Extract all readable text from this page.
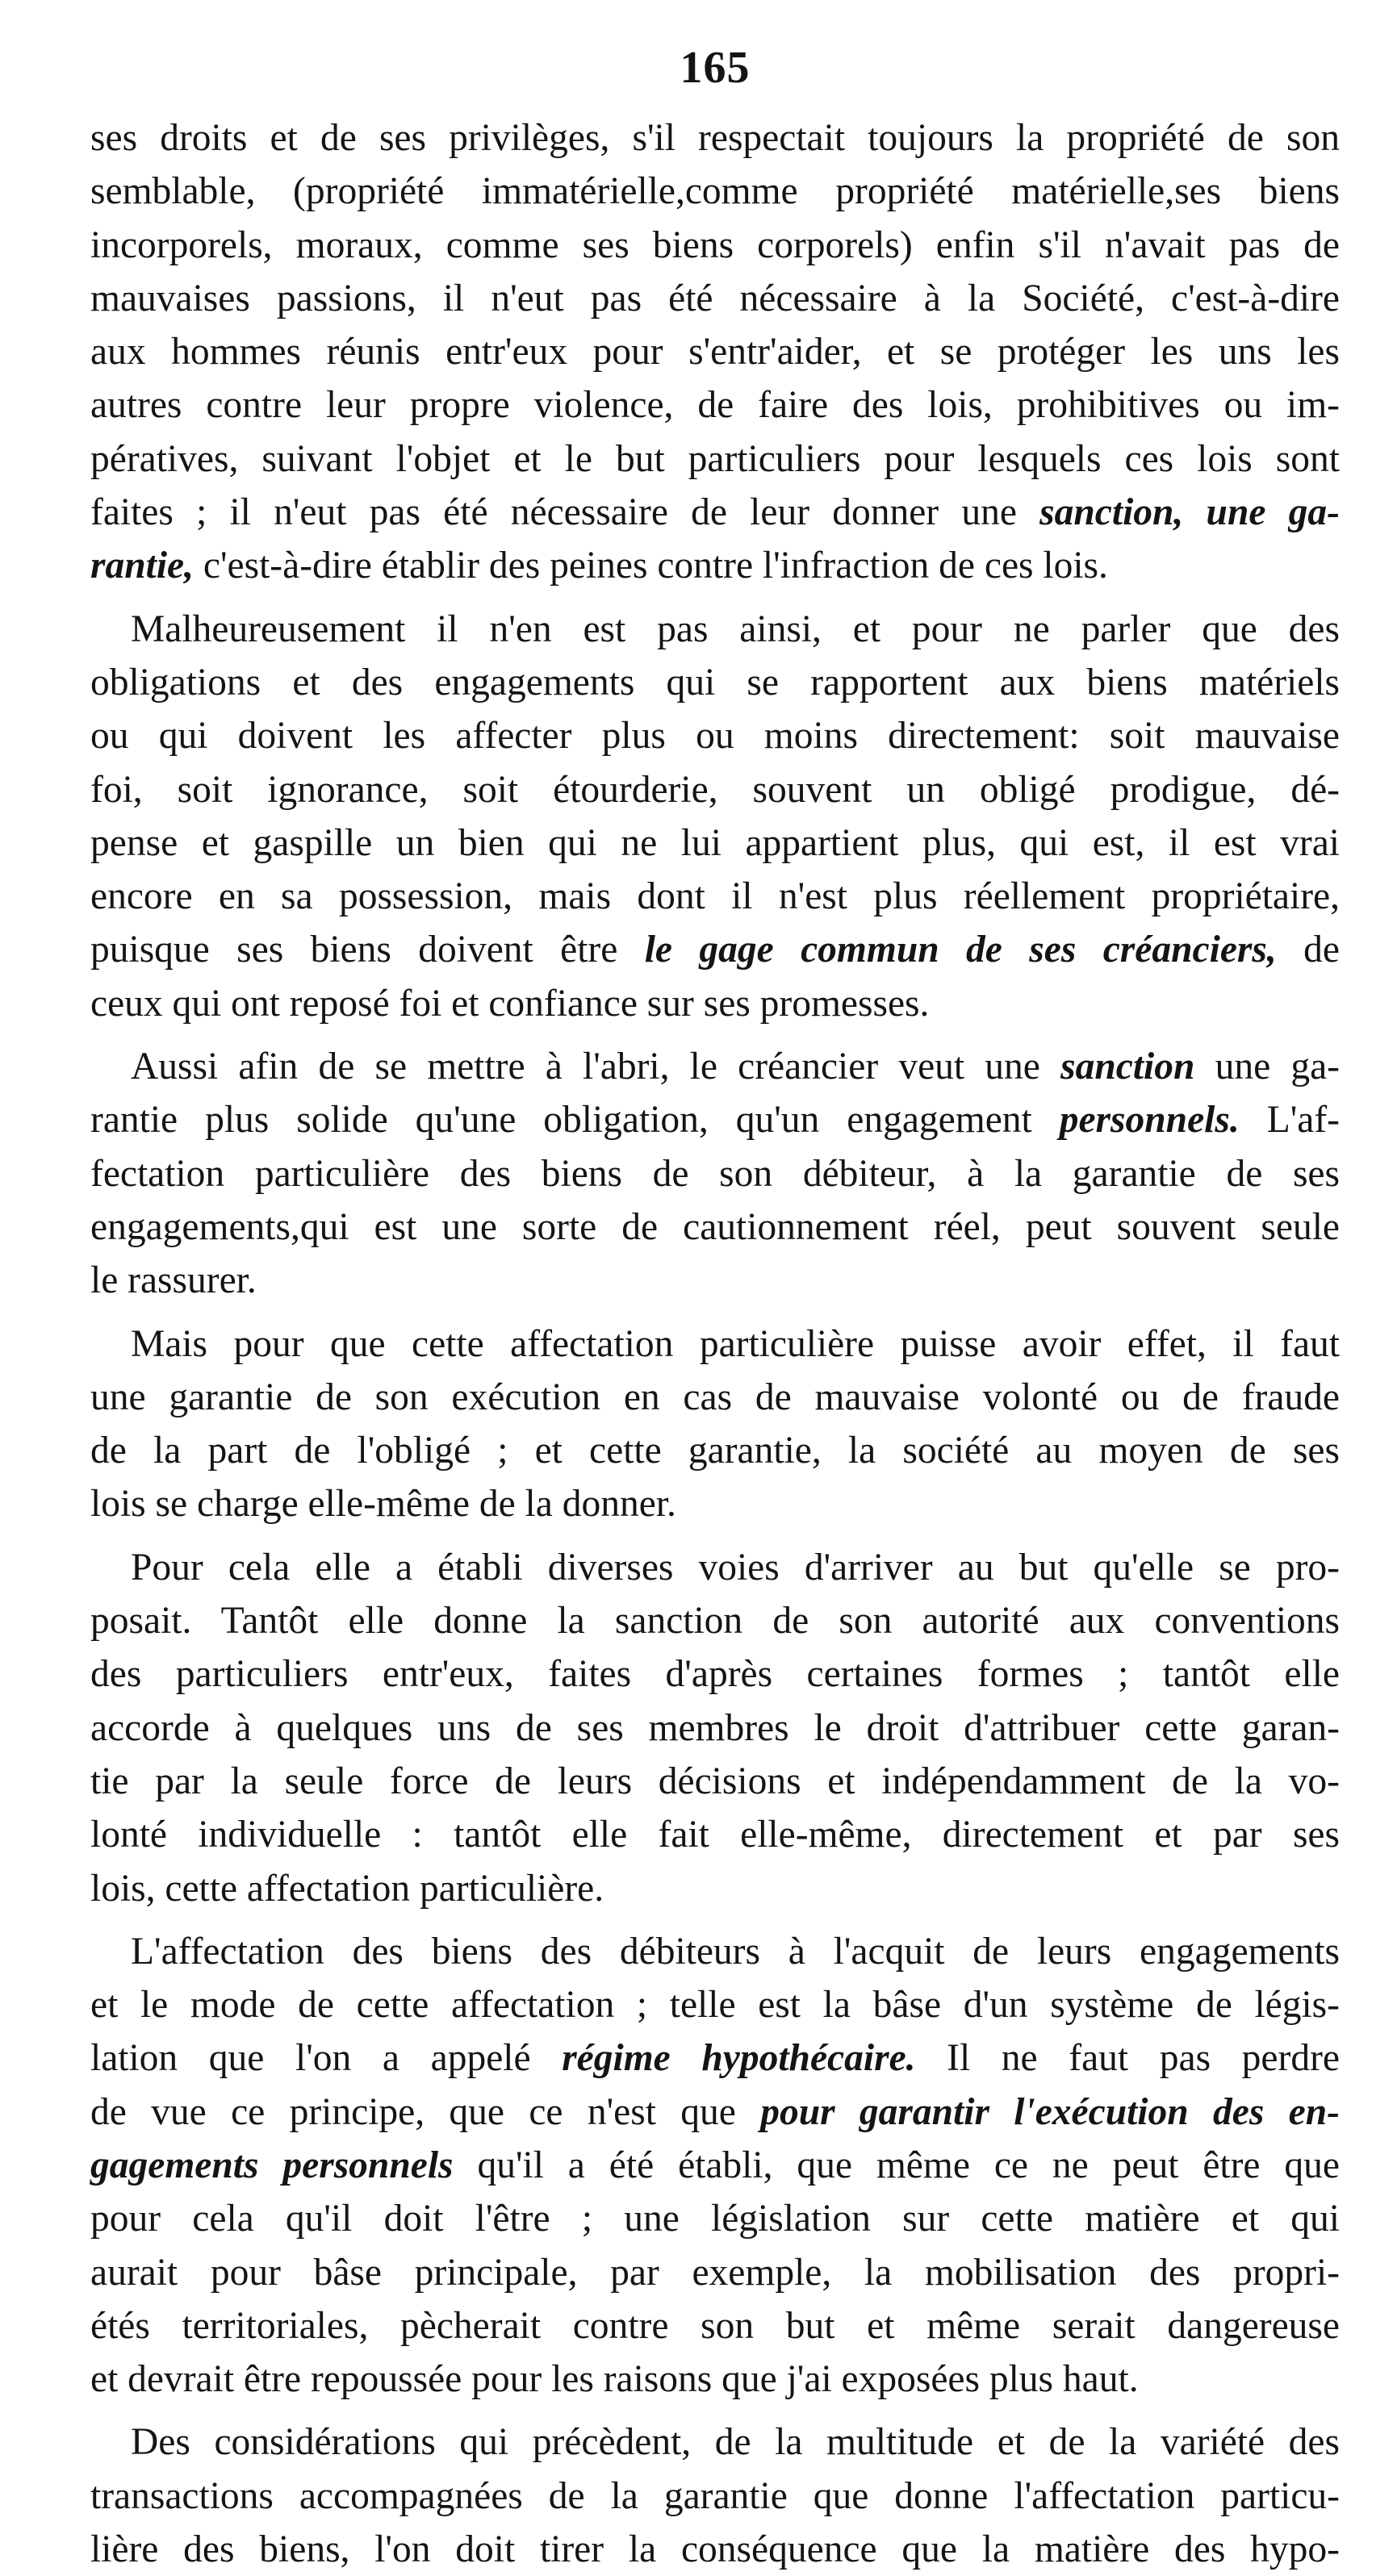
165

ses droits et de ses privilèges, s'il respectait toujours la propriété de son
semblable, (propriété immatérielle,comme propriété matérielle,ses biens
incorporels, moraux, comme ses biens corporels) enfin s'il n'avait pas de
mauvaises passions, il n'eut pas été nécessaire à la Société, c'est-à-dire
aux hommes réunis entr'eux pour s'entr'aider, et se protéger les uns les
autres contre leur propre violence, de faire des lois, prohibitives ou im-
pératives, suivant l'objet et le but particuliers pour lesquels ces lois sont
faites ; il n'eut pas été nécessaire de leur donner une sanction, une ga-
rantie, c'est-à-dire établir des peines contre l'infraction de ces lois.

Malheureusement il n'en est pas ainsi, et pour ne parler que des
obligations et des engagements qui se rapportent aux biens matériels
ou qui doivent les affecter plus ou moins directement: soit mauvaise
foi, soit ignorance, soit étourderie, souvent un obligé prodigue, dé-
pense et gaspille un bien qui ne lui appartient plus, qui est, il est vrai
encore en sa possession, mais dont il n'est plus réellement propriétaire,
puisque ses biens doivent être le gage commun de ses créanciers, de
ceux qui ont reposé foi et confiance sur ses promesses.

Aussi afin de se mettre à l'abri, le créancier veut une sanction une ga-
rantie plus solide qu'une obligation, qu'un engagement personnels. L'af-
fectation particulière des biens de son débiteur, à la garantie de ses
engagements,qui est une sorte de cautionnement réel, peut souvent seule
le rassurer.

Mais pour que cette affectation particulière puisse avoir effet, il faut
une garantie de son exécution en cas de mauvaise volonté ou de fraude
de la part de l'obligé ; et cette garantie, la société au moyen de ses
lois se charge elle-même de la donner.

Pour cela elle a établi diverses voies d'arriver au but qu'elle se pro-
posait. Tantôt elle donne la sanction de son autorité aux conventions
des particuliers entr'eux, faites d'après certaines formes ; tantôt elle
accorde à quelques uns de ses membres le droit d'attribuer cette garan-
tie par la seule force de leurs décisions et indépendamment de la vo-
lonté individuelle : tantôt elle fait elle-même, directement et par ses
lois, cette affectation particulière.

L'affectation des biens des débiteurs à l'acquit de leurs engagements
et le mode de cette affectation ; telle est la bâse d'un système de légis-
lation que l'on a appelé régime hypothécaire. Il ne faut pas perdre
de vue ce principe, que ce n'est que pour garantir l'exécution des en-
gagements personnels qu'il a été établi, que même ce ne peut être que
pour cela qu'il doit l'être ; une législation sur cette matière et qui
aurait pour bâse principale, par exemple, la mobilisation des propri-
étés territoriales, pècherait contre son but et même serait dangereuse
et devrait être repoussée pour les raisons que j'ai exposées plus haut.

Des considérations qui précèdent, de la multitude et de la variété des
transactions accompagnées de la garantie que donne l'affectation particu-
lière des biens, l'on doit tirer la conséquence que la matière des hypo-
